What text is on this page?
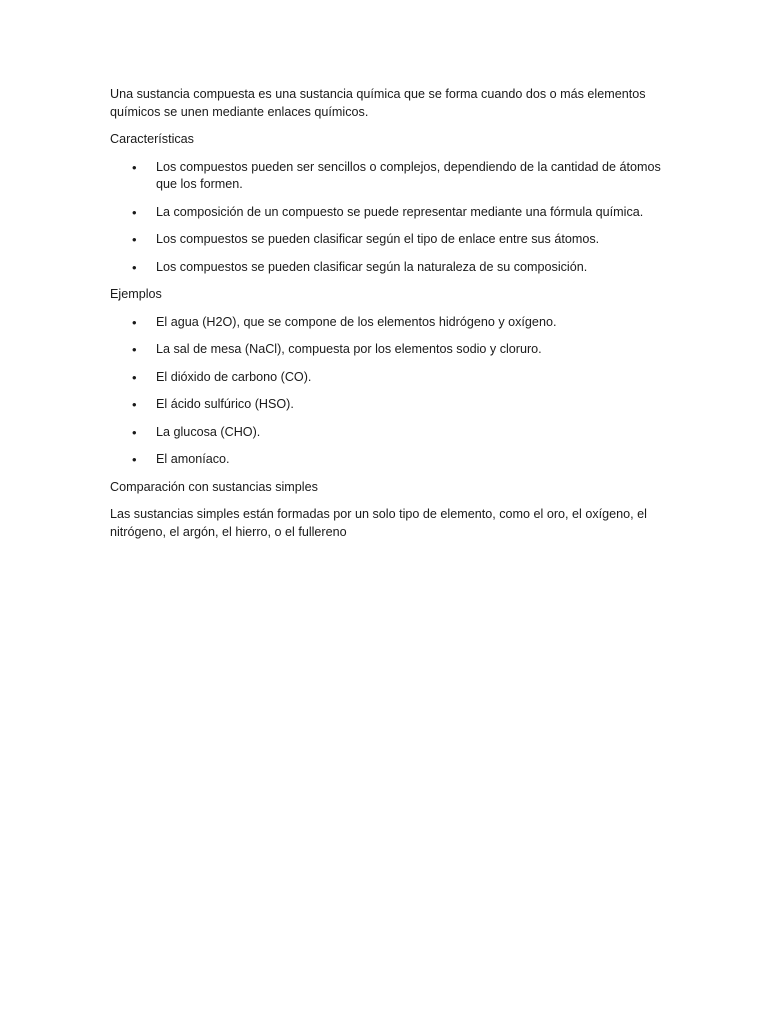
Una sustancia compuesta es una sustancia química que se forma cuando dos o más elementos químicos se unen mediante enlaces químicos.

Características

• Los compuestos pueden ser sencillos o complejos, dependiendo de la cantidad de átomos que los formen.
• La composición de un compuesto se puede representar mediante una fórmula química.
• Los compuestos se pueden clasificar según el tipo de enlace entre sus átomos.
• Los compuestos se pueden clasificar según la naturaleza de su composición.

Ejemplos

• El agua (H2O), que se compone de los elementos hidrógeno y oxígeno.
• La sal de mesa (NaCl), compuesta por los elementos sodio y cloruro.
• El dióxido de carbono (CO).
• El ácido sulfúrico (HSO).
• La glucosa (CHO).
• El amoníaco.

Comparación con sustancias simples

Las sustancias simples están formadas por un solo tipo de elemento, como el oro, el oxígeno, el nitrógeno, el argón, el hierro, o el fullereno
